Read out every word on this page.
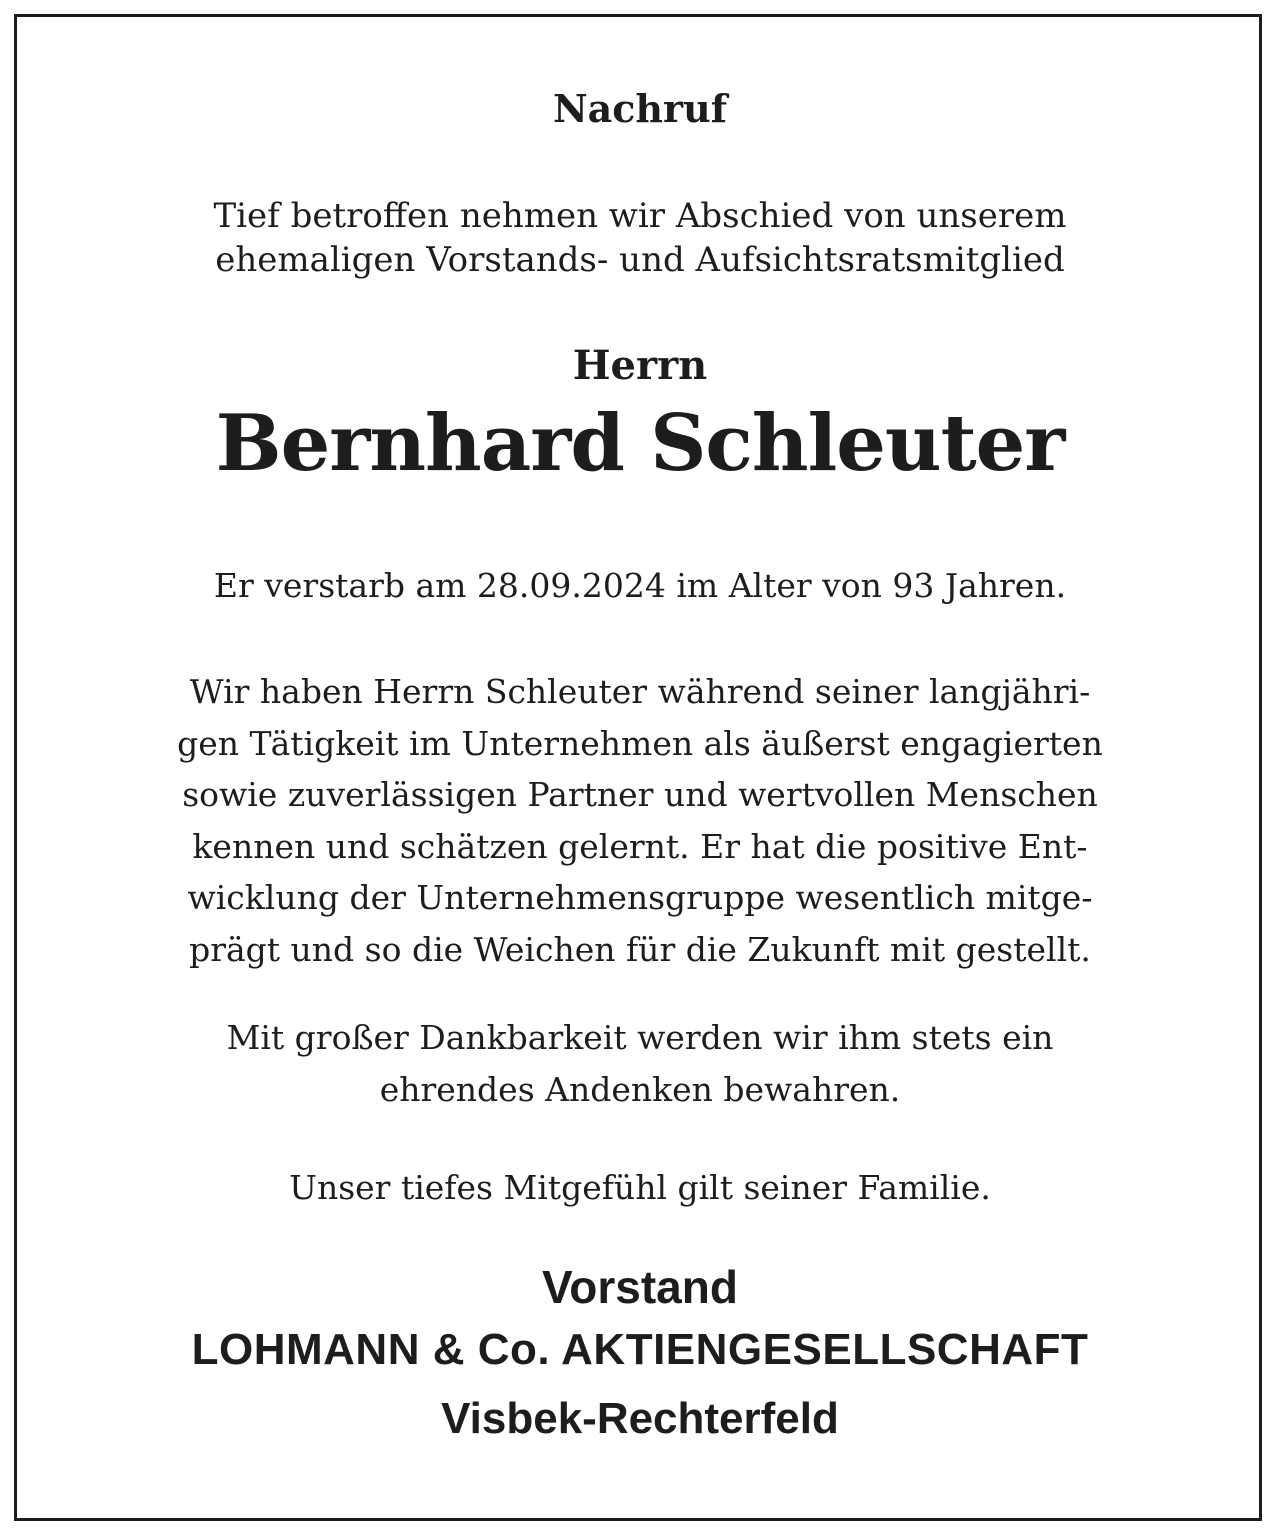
Nachruf
Tief betroffen nehmen wir Abschied von unserem
ehemaligen Vorstands- und Aufsichtsratsmitglied
Herrn
Bernhard Schleuter
Er verstarb am 28.09.2024 im Alter von 93 Jahren.
Wir haben Herrn Schleuter während seiner langjähri-
gen Tätigkeit im Unternehmen als äußerst engagierten
sowie zuverlässigen Partner und wertvollen Menschen
kennen und schätzen gelernt. Er hat die positive Ent-
wicklung der Unternehmensgruppe wesentlich mitge-
prägt und so die Weichen für die Zukunft mit gestellt.
Mit großer Dankbarkeit werden wir ihm stets ein
ehrendes Andenken bewahren.
Unser tiefes Mitgefühl gilt seiner Familie.
Vorstand
LOHMANN & Co. AKTIENGESELLSCHAFT
Visbek-Rechterfeld
